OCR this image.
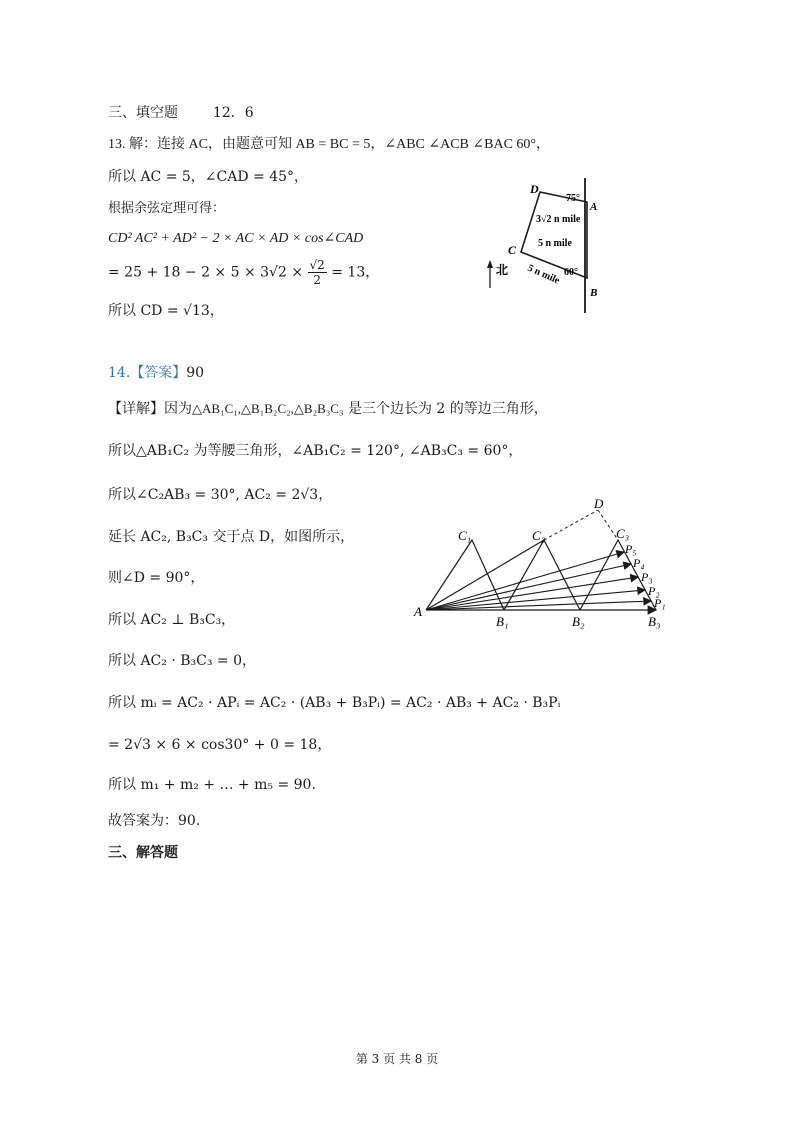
三、填空题 12．6
13. 解：连接 AC，由题意可知 AB = BC = 5，∠ABC ∠ACB ∠BAC 60°，
所以 AC = 5，∠CAD = 45°，
根据余弦定理可得：
CD² AC² + AD² − 2 × AC × AD × cos∠CAD
= $25 + 18 - 2 \times 5 \times 3√2 \times \frac{√2}{2} = 13$，
所以 CD = √13，
北
D
A
C
B
75°
60°
3√2 n mile
5 n mile
5 n mile
14.【答案】90
【详解】因为△AB₁C₁,△B₁B₂C₂,△B₂B₃C₃ 是三个边长为 2 的等边三角形，
所以△AB₁C₂ 为等腰三角形，∠AB₁C₂ = 120°, ∠AB₃C₃ = 60°，
所以∠C₂AB₃ = 30°, AC₂ = 2√3，
延长 AC₂, B₃C₃ 交于点 D，如图所示，
则∠D = 90°，
所以 AC₂ ⊥ B₃C₃，
所以 AC₂ · B₃C₃ = 0，
所以 mᵢ = AC₂ · APᵢ = AC₂ · (AB₃ + B₃Pᵢ) = AC₂ · AB₃ + AC₂ · B₃Pᵢ
= 2√3 × 6 × cos30° + 0 = 18，
所以 m₁ + m₂ + … + m₅ = 90.
故答案为：90.
三、解答题
A
C₁	C₂	C₃
D
B₁	B₂	B₃
P₅
P₄
P₃
P₂
P₁
第 3 页 共 8 页
